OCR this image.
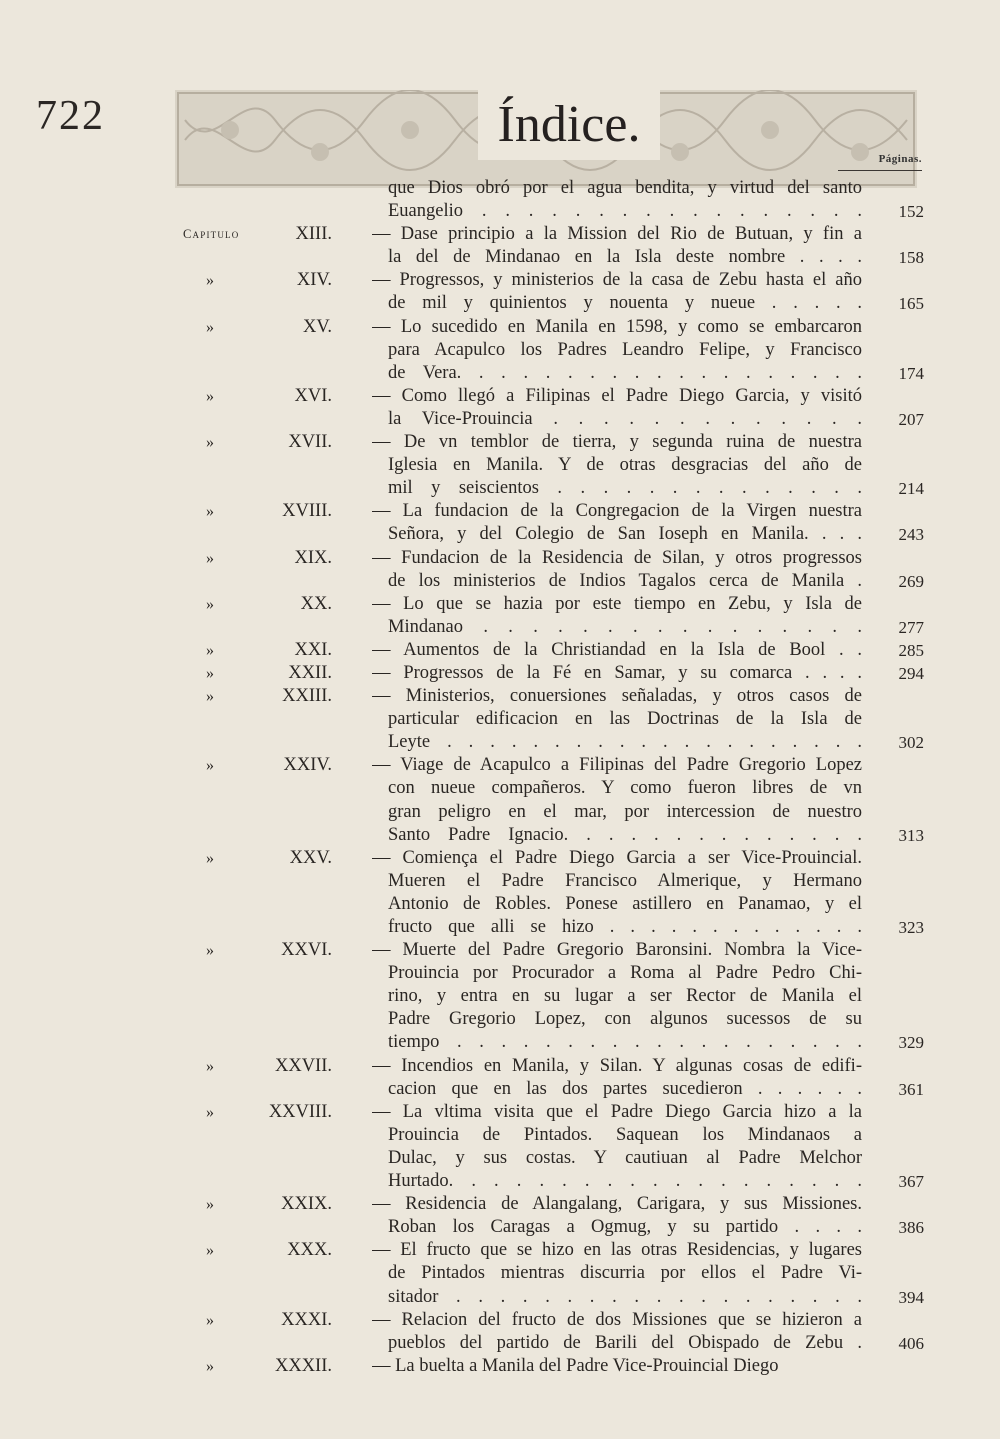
722	Índice.
Páginas.
que Dios obró por el agua bendita, y virtud del santo
Euangelio . . . . . . . . . . . . . . . . .	152
Capitulo	XIII. — Dase principio a la Mission del Rio de Butuan, y fin a
la del de Mindanao en la Isla deste nombre . . . .	158
»	XIV. — Progressos, y ministerios de la casa de Zebu hasta el año
de mil y quinientos y nouenta y nueue . . . . .	165
»	XV. — Lo sucedido en Manila en 1598, y como se embarcaron
para Acapulco los Padres Leandro Felipe, y Francisco
de Vera. . . . . . . . . . . . . . . . . . .	174
»	XVI. — Como llegó a Filipinas el Padre Diego Garcia, y visitó
la Vice-Prouincia . . . . . . . . . . . . .	207
»	XVII. — De vn temblor de tierra, y segunda ruina de nuestra
Iglesia en Manila. Y de otras desgracias del año de
mil y seiscientos . . . . . . . . . . . . . .	214
»	XVIII. — La fundacion de la Congregacion de la Virgen nuestra
Señora, y del Colegio de San Ioseph en Manila. . . .	243
»	XIX. — Fundacion de la Residencia de Silan, y otros progressos
de los ministerios de Indios Tagalos cerca de Manila .	269
»	XX. — Lo que se hazia por este tiempo en Zebu, y Isla de
Mindanao . . . . . . . . . . . . . . . .	277
»	XXI. — Aumentos de la Christiandad en la Isla de Bool . .	285
»	XXII. — Progressos de la Fé en Samar, y su comarca . . . .	294
»	XXIII. — Ministerios, conuersiones señaladas, y otros casos de
particular edificacion en las Doctrinas de la Isla de
Leyte . . . . . . . . . . . . . . . . . . . .	302
»	XXIV. — Viage de Acapulco a Filipinas del Padre Gregorio Lopez
con nueue compañeros. Y como fueron libres de vn
gran peligro en el mar, por intercession de nuestro
Santo Padre Ignacio. . . . . . . . . . . . . .	313
»	XXV. — Comiença el Padre Diego Garcia a ser Vice-Prouincial.
Mueren el Padre Francisco Almerique, y Hermano
Antonio de Robles. Ponese astillero en Panamao, y el
fructo que alli se hizo . . . . . . . . . . . . .	323
»	XXVI. — Muerte del Padre Gregorio Baronsini. Nombra la Vice-
Prouincia por Procurador a Roma al Padre Pedro Chi-
rino, y entra en su lugar a ser Rector de Manila el
Padre Gregorio Lopez, con algunos sucessos de su
tiempo . . . . . . . . . . . . . . . . . . .	329
»	XXVII. — Incendios en Manila, y Silan. Y algunas cosas de edifi-
cacion que en las dos partes sucedieron . . . . . .	361
»	XXVIII. — La vltima visita que el Padre Diego Garcia hizo a la
Prouincia de Pintados. Saquean los Mindanaos a
Dulac, y sus costas. Y cautiuan al Padre Melchor
Hurtado. . . . . . . . . . . . . . . . . . .	367
»	XXIX. — Residencia de Alangalang, Carigara, y sus Missiones.
Roban los Caragas a Ogmug, y su partido . . . .	386
»	XXX. — El fructo que se hizo en las otras Residencias, y lugares
de Pintados mientras discurria por ellos el Padre Vi-
sitador . . . . . . . . . . . . . . . . . . .	394
»	XXXI. — Relacion del fructo de dos Missiones que se hizieron a
pueblos del partido de Barili del Obispado de Zebu .	406
»	XXXII. — La buelta a Manila del Padre Vice-Prouincial Diego
